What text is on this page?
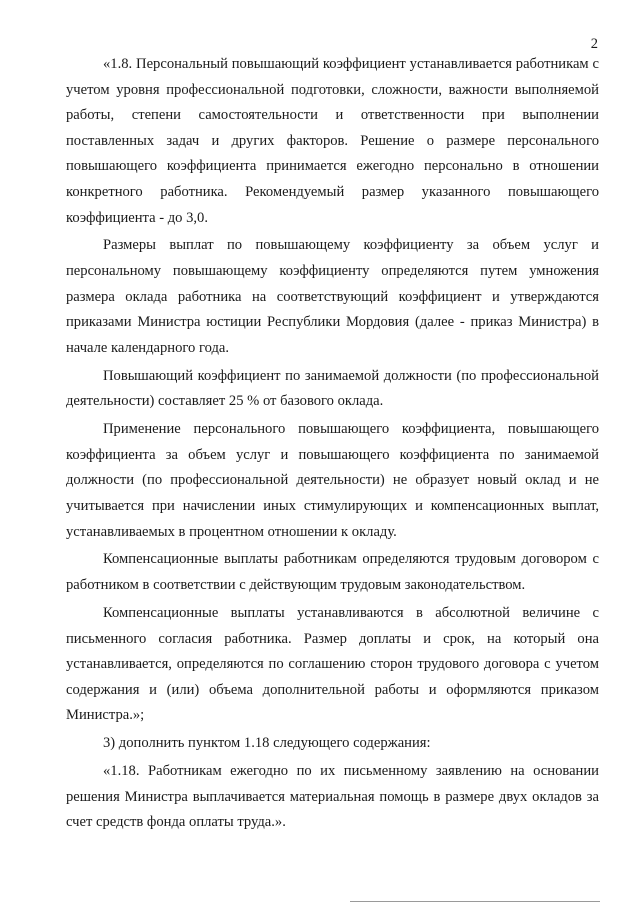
2

«1.8. Персональный повышающий коэффициент устанавливается работникам с учетом уровня профессиональной подготовки, сложности, важности выполняемой работы, степени самостоятельности и ответственности при выполнении поставленных задач и других факторов. Решение о размере персонального повышающего коэффициента принимается ежегодно персонально в отношении конкретного работника. Рекомендуемый размер указанного повышающего коэффициента - до 3,0.

Размеры выплат по повышающему коэффициенту за объем услуг и персональному повышающему коэффициенту определяются путем умножения размера оклада работника на соответствующий коэффициент и утверждаются приказами Министра юстиции Республики Мордовия (далее - приказ Министра) в начале календарного года.

Повышающий коэффициент по занимаемой должности (по профессиональной деятельности) составляет 25 % от базового оклада.

Применение персонального повышающего коэффициента, повышающего коэффициента за объем услуг и повышающего коэффициента по занимаемой должности (по профессиональной деятельности) не образует новый оклад и не учитывается при начислении иных стимулирующих и компенсационных выплат, устанавливаемых в процентном отношении к окладу.

Компенсационные выплаты работникам определяются трудовым договором с работником в соответствии с действующим трудовым законодательством.

Компенсационные выплаты устанавливаются в абсолютной величине с письменного согласия работника. Размер доплаты и срок, на который она устанавливается, определяются по соглашению сторон трудового договора с учетом содержания и (или) объема дополнительной работы и оформляются приказом Министра.»;

3) дополнить пунктом 1.18 следующего содержания:

«1.18. Работникам ежегодно по их письменному заявлению на основании решения Министра выплачивается материальная помощь в размере двух окладов за счет средств фонда оплаты труда.».
